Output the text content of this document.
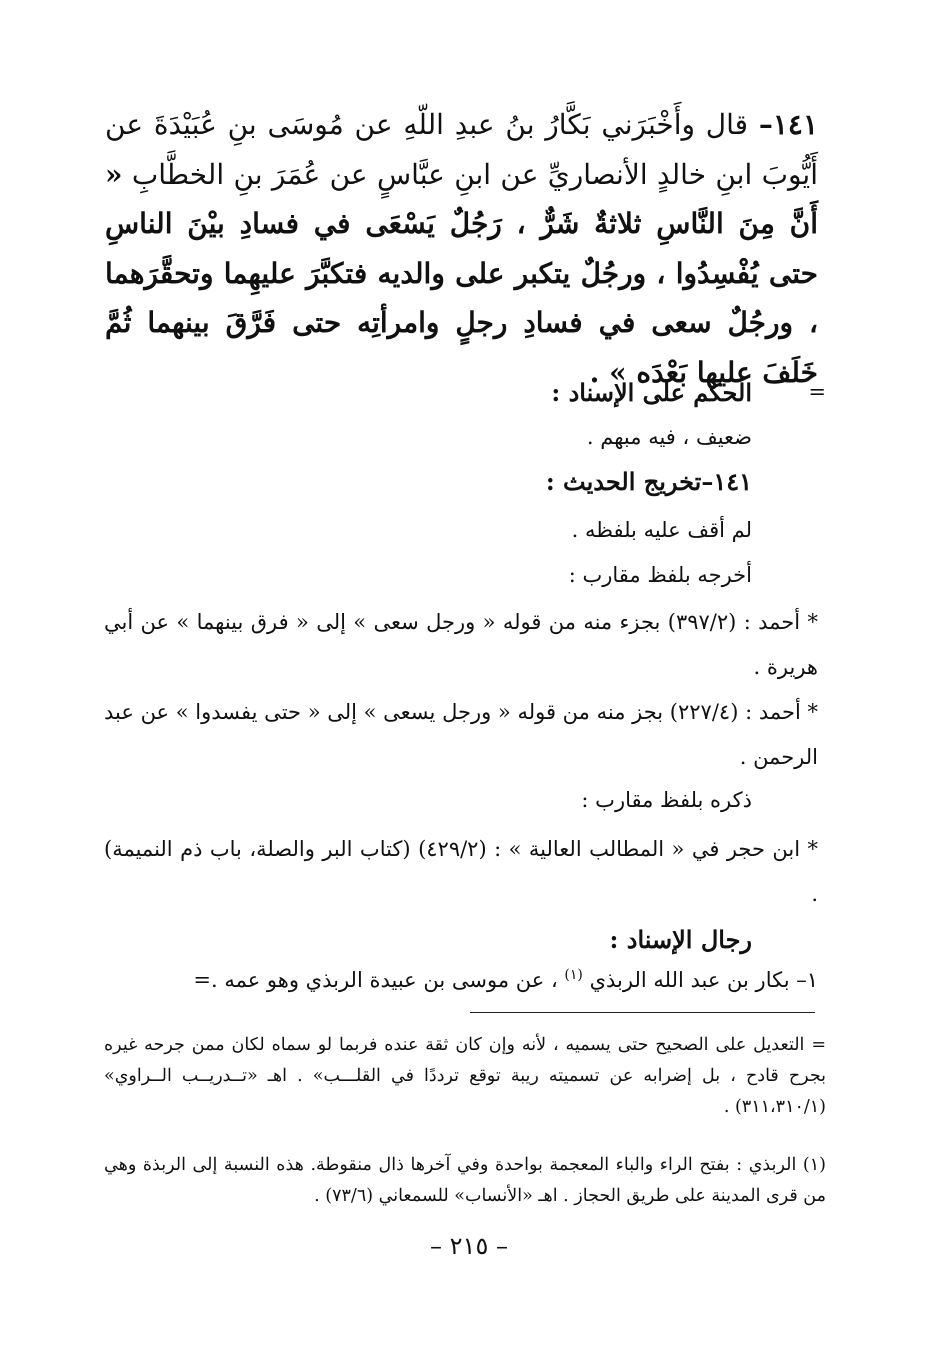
١٤١– قال وأَخْبَرَني بَكَّارُ بنُ عبدِ اللّهِ عن مُوسَى بنِ عُبَيْدَةَ عن أَيُّوبَ ابنِ خالدٍ الأنصاريِّ عن ابنِ عبَّاسٍ عن عُمَرَ بنِ الخطَّابِ « أَنَّ مِنَ النَّاسِ ثلاثةٌ شَرٌّ ، رَجُلٌ يَسْعَى في فسادِ بيْنَ الناسِ حتى يُفْسِدُوا ، ورجُلٌ يتكبر على والديه فتكبَّرَ عليهِما وتحقَّرَهما ، ورجُلٌ سعى في فسادِ رجلٍ وامرأتِه حتى فَرَّقَ بينهما ثُمَّ خَلَفَ عليها بَعْدَه » .
=
الحكم على الإسناد :
ضعيف ، فيه مبهم .
١٤١–تخريج الحديث :
لم أقف عليه بلفظه .
أخرجه بلفظ مقارب :
* أحمد : (٣٩٧/٢) بجزء منه من قوله « ورجل سعى » إلى « فرق بينهما » عن أبي هريرة .
* أحمد : (٢٢٧/٤) بجز منه من قوله « ورجل يسعى » إلى « حتى يفسدوا » عن عبد الرحمن .
ذكره بلفظ مقارب :
* ابن حجر في « المطالب العالية » : (٤٢٩/٢) (كتاب البر والصلة، باب ذم النميمة) .
رجال الإسناد :
١– بكار بن عبد الله الربذي $^{(١)}$ ، عن موسى بن عبيدة الربذي وهو عمه .=
= التعديل على الصحيح حتى يسميه ، لأنه وإن كان ثقة عنده فربما لو سماه لكان ممن جرحه غيره بجرح قادح ، بل إضرابه عن تسميته ريبة توقع ترددًا في القلـــب» . اهـ «تــدريــب الــراوي» (٣١١،٣١٠/١) .
(١) الربذي : بفتح الراء والباء المعجمة بواحدة وفي آخرها ذال منقوطة. هذه النسبة إلى الربذة وهي من قرى المدينة على طريق الحجاز . اهـ «الأنساب» للسمعاني (٧٣/٦) .
– ٢١٥ –
